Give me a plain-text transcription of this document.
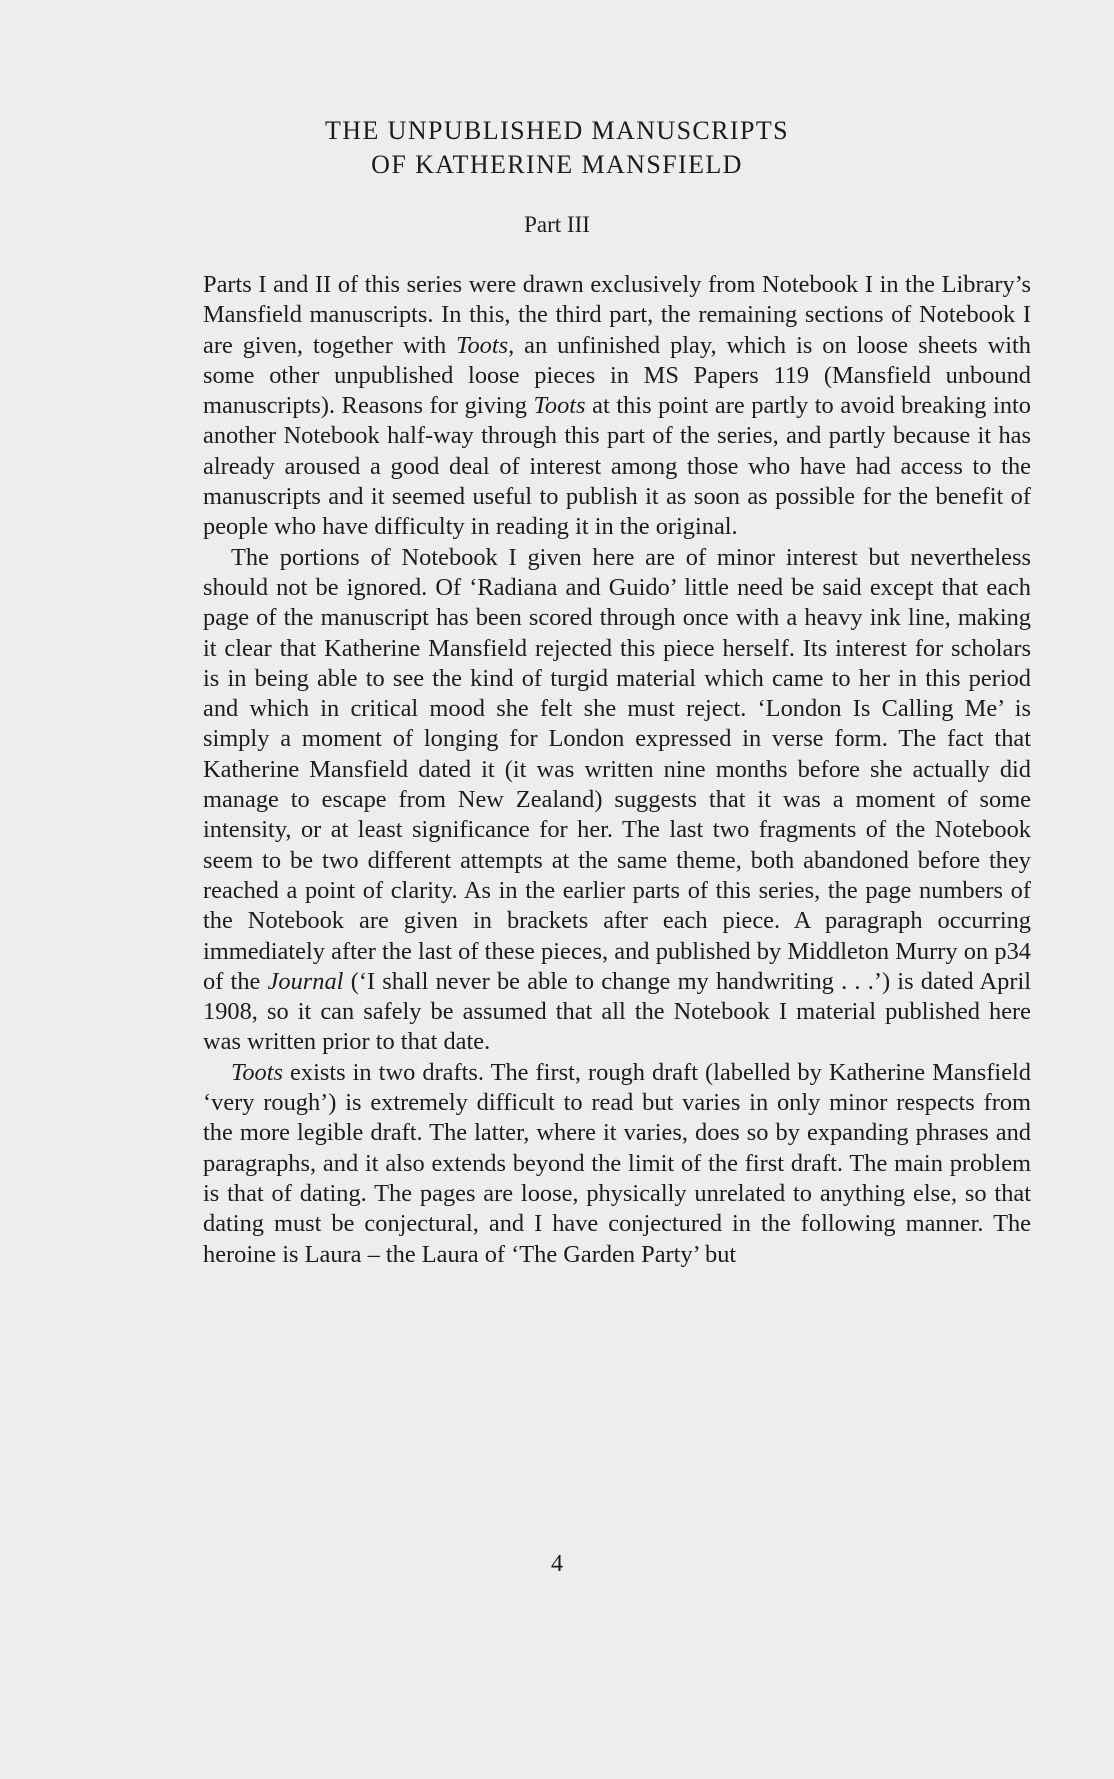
THE UNPUBLISHED MANUSCRIPTS
OF KATHERINE MANSFIELD
Part III

Parts I and II of this series were drawn exclusively from Notebook I in the Library’s Mansfield manuscripts. In this, the third part, the remaining sections of Notebook I are given, together with Toots, an unfinished play, which is on loose sheets with some other unpublished loose pieces in MS Papers 119 (Mansfield unbound manuscripts). Reasons for giving Toots at this point are partly to avoid breaking into another Notebook half-way through this part of the series, and partly because it has already aroused a good deal of interest among those who have had access to the manuscripts and it seemed useful to publish it as soon as possible for the benefit of people who have difficulty in reading it in the original.

The portions of Notebook I given here are of minor interest but nevertheless should not be ignored. Of ‘Radiana and Guido’ little need be said except that each page of the manuscript has been scored through once with a heavy ink line, making it clear that Katherine Mansfield rejected this piece herself. Its interest for scholars is in being able to see the kind of turgid material which came to her in this period and which in critical mood she felt she must reject. ‘London Is Calling Me’ is simply a moment of longing for London expressed in verse form. The fact that Katherine Mansfield dated it (it was written nine months before she actually did manage to escape from New Zealand) suggests that it was a moment of some intensity, or at least significance for her. The last two fragments of the Notebook seem to be two different attempts at the same theme, both abandoned before they reached a point of clarity. As in the earlier parts of this series, the page numbers of the Notebook are given in brackets after each piece. A paragraph occurring immediately after the last of these pieces, and published by Middleton Murry on p34 of the Journal (‘I shall never be able to change my handwriting . . .’) is dated April 1908, so it can safely be assumed that all the Notebook I material published here was written prior to that date.

Toots exists in two drafts. The first, rough draft (labelled by Katherine Mansfield ‘very rough’) is extremely difficult to read but varies in only minor respects from the more legible draft. The latter, where it varies, does so by expanding phrases and paragraphs, and it also extends beyond the limit of the first draft. The main problem is that of dating. The pages are loose, physically unrelated to anything else, so that dating must be conjectural, and I have conjectured in the following manner. The heroine is Laura – the Laura of ‘The Garden Party’ but

4
